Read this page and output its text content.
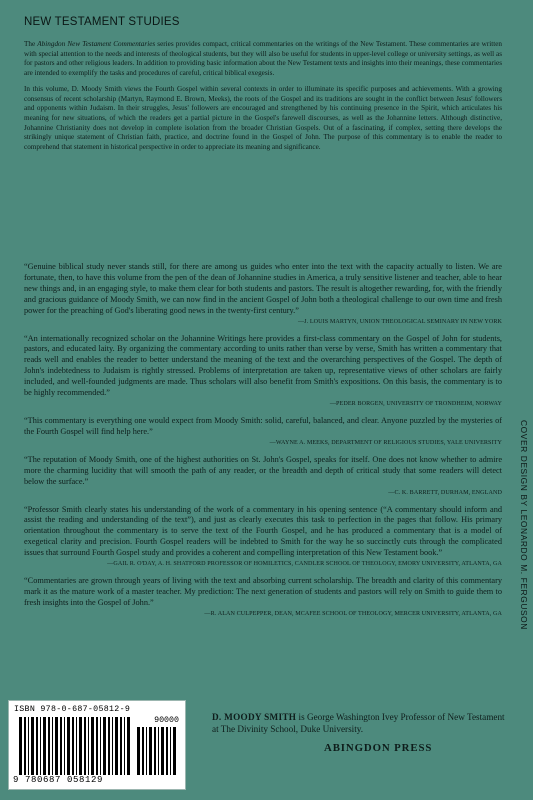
NEW TESTAMENT STUDIES

The Abingdon New Testament Commentaries series provides compact, critical commentaries on the writings of the New Testament. These commentaries are written with special attention to the needs and interests of theological students, but they will also be useful for students in upper-level college or university settings, as well as for pastors and other religious leaders. In addition to providing basic information about the New Testament texts and insights into their meanings, these commentaries are intended to exemplify the tasks and procedures of careful, critical biblical exegesis.

In this volume, D. Moody Smith views the Fourth Gospel within several contexts in order to illuminate its specific purposes and achievements. With a growing consensus of recent scholarship (Martyn, Raymond E. Brown, Meeks), the roots of the Gospel and its traditions are sought in the conflict between Jesus' followers and opponents within Judaism. In their struggles, Jesus' followers are encouraged and strengthened by his continuing presence in the Spirit, which articulates his meaning for new situations, of which the readers get a partial picture in the Gospel's farewell discourses, as well as the Johannine letters. Although distinctive, Johannine Christianity does not develop in complete isolation from the broader Christian Gospels. Out of a fascinating, if complex, setting there develops the strikingly unique statement of Christian faith, practice, and doctrine found in the Gospel of John. The purpose of this commentary is to enable the reader to comprehend that statement in historical perspective in order to appreciate its meaning and significance.

“Genuine biblical study never stands still, for there are among us guides who enter into the text with the capacity actually to listen. We are fortunate, then, to have this volume from the pen of the dean of Johannine studies in America, a truly sensitive listener and teacher, able to hear new things and, in an engaging style, to make them clear for both students and pastors. The result is altogether rewarding, for, with the friendly and gracious guidance of Moody Smith, we can now find in the ancient Gospel of John both a theological challenge to our own time and fresh power for the preaching of God's liberating good news in the twenty-first century.”

—J. LOUIS MARTYN, UNION THEOLOGICAL SEMINARY IN NEW YORK

“An internationally recognized scholar on the Johannine Writings here provides a first-class commentary on the Gospel of John for students, pastors, and educated laity. By organizing the commentary according to units rather than verse by verse, Smith has written a commentary that reads well and enables the reader to better understand the meaning of the text and the overarching perspectives of the Gospel. The depth of John's indebtedness to Judaism is rightly stressed. Problems of interpretation are taken up, representative views of other scholars are fairly included, and well-founded judgments are made. Thus scholars will also benefit from Smith's expositions. On this basis, the commentary is to be highly recommended.”

—PEDER BORGEN, UNIVERSITY OF TRONDHEIM, NORWAY

“This commentary is everything one would expect from Moody Smith: solid, careful, balanced, and clear. Anyone puzzled by the mysteries of the Fourth Gospel will find help here.”

—WAYNE A. MEEKS, DEPARTMENT OF RELIGIOUS STUDIES, YALE UNIVERSITY

“The reputation of Moody Smith, one of the highest authorities on St. John's Gospel, speaks for itself. One does not know whether to admire more the charming lucidity that will smooth the path of any reader, or the breadth and depth of critical study that some readers will detect below the surface.”

—C. K. BARRETT, DURHAM, ENGLAND

“Professor Smith clearly states his understanding of the work of a commentary in his opening sentence (“A commentary should inform and assist the reading and understanding of the text”), and just as clearly executes this task to perfection in the pages that follow. His primary orientation throughout the commentary is to serve the text of the Fourth Gospel, and he has produced a commentary that is a model of exegetical clarity and precision. Fourth Gospel readers will be indebted to Smith for the way he so succinctly cuts through the complicated issues that surround Fourth Gospel study and provides a coherent and compelling interpretation of this New Testament book.”

—GAIL R. O'DAY, A. H. SHATFORD PROFESSOR OF HOMILETICS, CANDLER SCHOOL OF THEOLOGY, EMORY UNIVERSITY, ATLANTA, GA

“Commentaries are grown through years of living with the text and absorbing current scholarship. The breadth and clarity of this commentary mark it as the mature work of a master teacher. My prediction: The next generation of students and pastors will rely on Smith to guide them to fresh insights into the Gospel of John.”

—R. ALAN CULPEPPER, DEAN, MCAFEE SCHOOL OF THEOLOGY, MERCER UNIVERSITY, ATLANTA, GA COVER DESIGN BY LEONARDO M. FERGUSON
ISBN 978-0-687-05812-9
90000
9 780687 058129
D. MOODY SMITH is George Washington Ivey Professor of New Testament at The Divinity School, Duke University.
ABINGDON PRESS
